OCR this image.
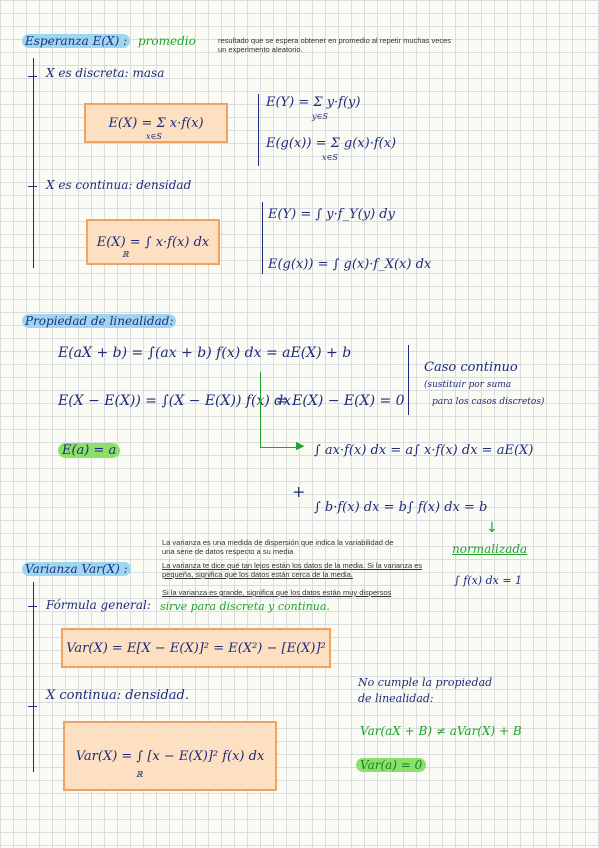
Esperanza E(X) : promedio	resultado que se espera obtener en promedio al repetir muchas veces un experimento aleatorio.
X es discreta: masa
E(X) = Σ x·f(x)
x∈S
E(Y) = Σ y·f(y)
y∈S
E(g(x)) = Σ g(x)·f(x)
x∈S
X es continua: densidad
E(X) = ∫ x·f(x) dx
ℝ
E(Y) = ∫ y·f_Y(y) dy
E(g(x)) = ∫ g(x)·f_X(x) dx
Propiedad de linealidad:
E(aX + b) = ∫(ax + b) f(x) dx = aE(X) + b
E(X − E(X)) = ∫(X − E(X)) f(x) dx
= E(X) − E(X) = 0
Caso continuo
(sustituir por suma
para los casos discretos)
▶ ∫ ax·f(x) dx = a∫ x·f(x) dx = aE(X)
+
∫ b·f(x) dx = b∫ f(x) dx = b
↓
normalizada
∫ f(x) dx = 1
E(a) = a
La varianza es una medida de dispersión que indica la variabilidad de una serie de datos respecto a su media
La varianza te dice qué tan lejos están los datos de la media. Si la varianza es pequeña, significa que los datos están cerca de la media.
Si la varianza es grande, significa que los datos están muy dispersos
Varianza Var(X) :
Fórmula general: sirve para discreta y continua.
Var(X) = E[X − E(X)]² = E(X²) − [E(X)]²
X continua: densidad.
Var(X) = ∫ [x − E(X)]² f(x) dx
ℝ
No cumple la propiedad
de linealidad:
Var(aX + B) ≠ aVar(X) + B
Var(a) = 0
